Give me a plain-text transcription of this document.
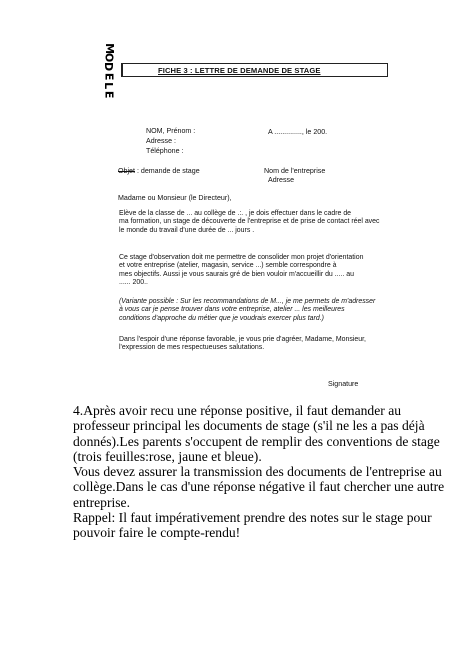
M
O
D
E
L
E
FICHE 3 : LETTRE DE DEMANDE DE STAGE
NOM, Prénom :
Adresse :
Téléphone :
A .............., le 200.
Objet : demande de stage	Nom de l'entreprise
Adresse
Madame ou Monsieur (le Directeur),
Elève de la classe de ... au collège de .:. , je dois effectuer dans le cadre de
ma formation, un stage de découverte de l'entreprise et de prise de contact réel avec
le monde du travail d'une durée de ... jours .
Ce stage d'observation doit me permettre de consolider mon projet d'orientation
et votre entreprise (atelier, magasin, service ...) semble correspondre à
mes objectifs. Aussi je vous saurais gré de bien vouloir m'accueillir du ..... au
...... 200..
(Variante possible : Sur les recommandations de M..., je me permets de m'adresser
à vous car je pense trouver dans votre entreprise, atelier ... les meilleures
conditions d'approche du métier que je voudrais exercer plus tard.)
Dans l'espoir d'une réponse favorable, je vous prie d'agréer, Madame, Monsieur,
l'expression de mes respectueuses salutations.
Signature
4.Après avoir recu une réponse positive, il faut demander au
professeur principal les documents de stage (s'il ne les a pas déjà
donnés).Les parents s'occupent de remplir des conventions de stage
(trois feuilles:rose, jaune et bleue).
Vous devez assurer la transmission des documents de l'entreprise au
collège.Dans le cas d'une réponse négative il faut chercher une autre
entreprise.
Rappel: Il faut impérativement prendre des notes sur le stage pour
pouvoir faire le compte-rendu!
